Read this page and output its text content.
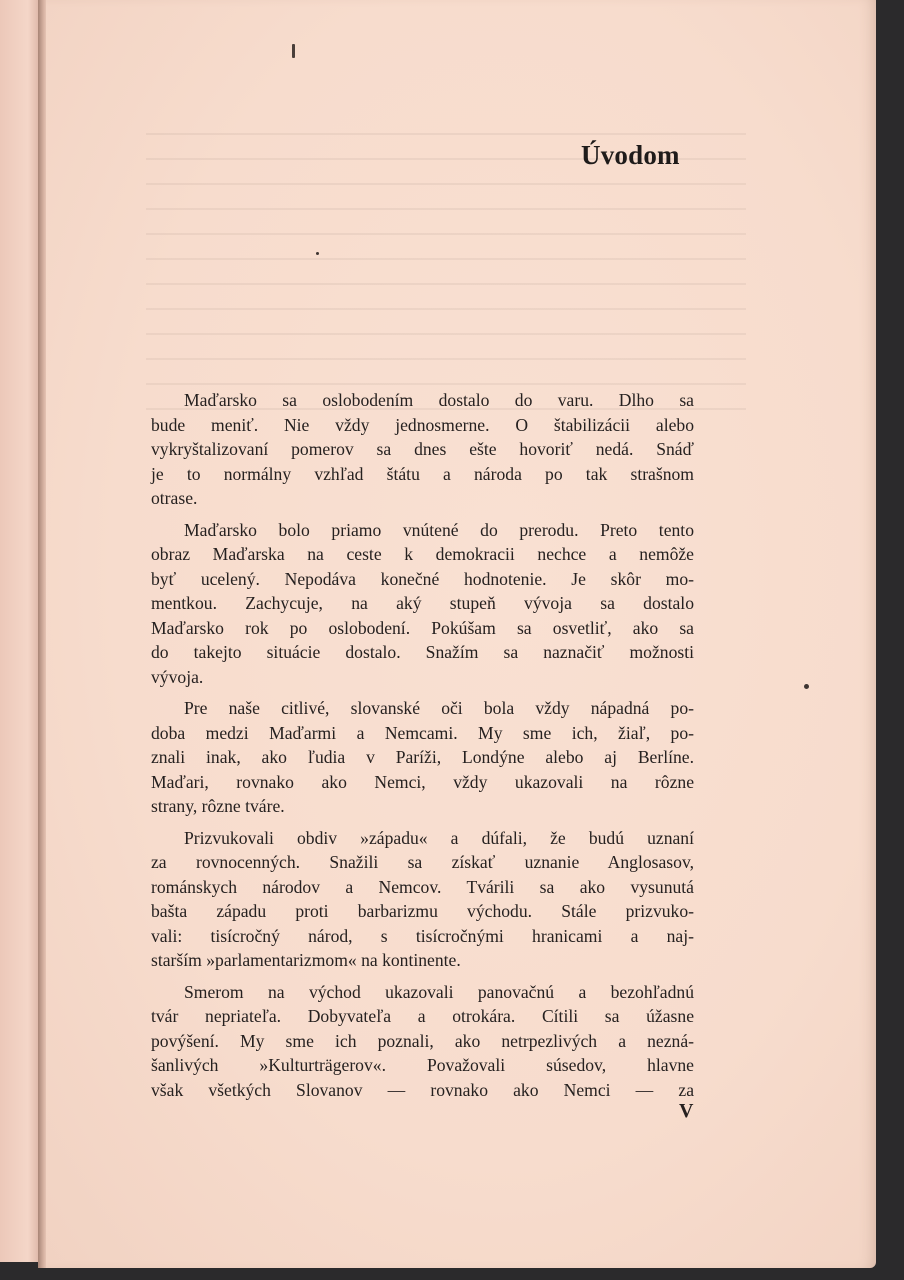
Úvodom

Maďarsko sa oslobodením dostalo do varu. Dlho sa
bude meniť. Nie vždy jednosmerne. O štabilizácii alebo
vykryštalizovaní pomerov sa dnes ešte hovoriť nedá. Snáď
je to normálny vzhľad štátu a národa po tak strašnom
otrase.

Maďarsko bolo priamo vnútené do prerodu. Preto tento
obraz Maďarska na ceste k demokracii nechce a nemôže
byť ucelený. Nepodáva konečné hodnotenie. Je skôr mo-
mentkou. Zachycuje, na aký stupeň vývoja sa dostalo
Maďarsko rok po oslobodení. Pokúšam sa osvetliť, ako sa
do takejto situácie dostalo. Snažím sa naznačiť možnosti
vývoja.

Pre naše citlivé, slovanské oči bola vždy nápadná po-
doba medzi Maďarmi a Nemcami. My sme ich, žiaľ, po-
znali inak, ako ľudia v Paríži, Londýne alebo aj Berlíne.
Maďari, rovnako ako Nemci, vždy ukazovali na rôzne
strany, rôzne tváre.

Prizvukovali obdiv »západu« a dúfali, že budú uznaní
za rovnocenných. Snažili sa získať uznanie Anglosasov,
románskych národov a Nemcov. Tvárili sa ako vysunutá
bašta západu proti barbarizmu východu. Stále prizvuko-
vali: tisícročný národ, s tisícročnými hranicami a naj-
starším »parlamentarizmom« na kontinente.

Smerom na východ ukazovali panovačnú a bezohľadnú
tvár nepriateľa. Dobyvateľa a otrokára. Cítili sa úžasne
povýšení. My sme ich poznali, ako netrpezlivých a nezná-
šanlivých »Kulturträgerov«. Považovali súsedov, hlavne
však všetkých Slovanov — rovnako ako Nemci — za

V
